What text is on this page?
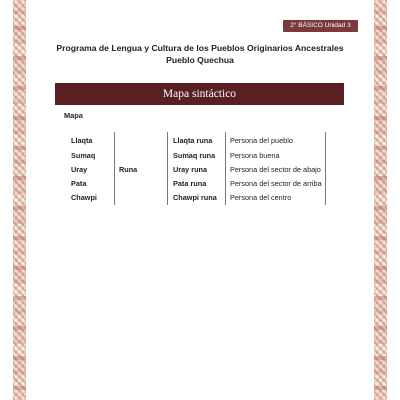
2° BÁSICO Unidad 3
Programa de Lengua y Cultura de los Pueblos Originarios Ancestrales
Pueblo Quechua
Mapa sintáctico
Mapa
Llaqta
Sumaq
Uray
Pata
Chawpi
Runa
Llaqta runa
Sumaq runa
Uray runa
Pata runa
Chawpi runa
Persona del pueblo
Persona buena
Persona del sector de abajo
Persona del sector de arriba
Persona del centro
